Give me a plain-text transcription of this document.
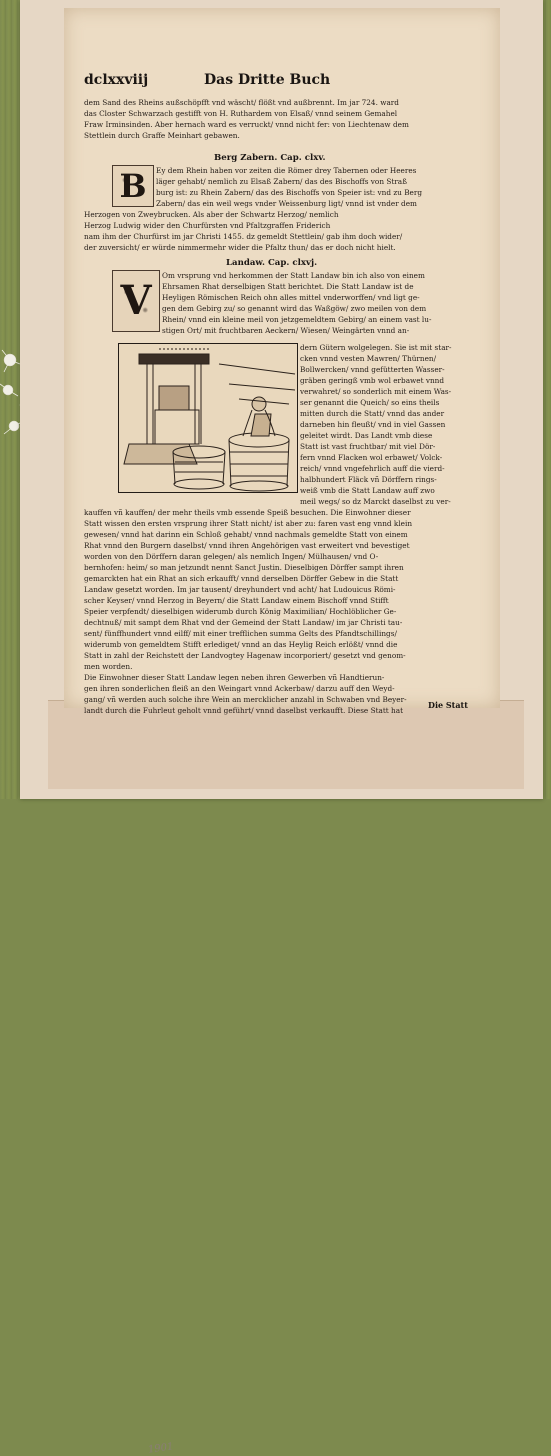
1901
dclxxviij	Das Dritte Buch
dem Sand des Rheins außschöpfft vnd wäscht/ flößt vnd außbrennt. Im jar 724. ward
das Closter Schwarzach gestifft von H. Ruthardem von Elsaß/ vnnd seinem Gemahel
Fraw Irminsinden. Aber hernach ward es verruckt/ vnnd nicht fer: von Liechtenaw dem
Stettlein durch Graffe Meinhart gebawen.
Berg Zabern. Cap. clxv.
B	Ey dem Rhein haben vor zeiten die Römer drey Tabernen oder Heeres
läger gehabt/ nemlich zu Elsaß Zabern/ das des Bischoffs von Straß
burg ist: zu Rhein Zabern/ das des Bischoffs von Speier ist: vnd zu Berg
Zabern/ das ein weil wegs vnder Weissenburg ligt/ vnnd ist vnder dem
Herzogen von Zweybrucken. Als aber der Schwartz Herzog/ nemlich
Herzog Ludwig wider den Churfürsten vnd Pfaltzgraffen Friderich
nam ihm der Churfürst im jar Christi 1455. dz gemeldt Stettlein/ gab ihm doch wider/
der zuversicht/ er würde nimmermehr wider die Pfaltz thun/ das er doch nicht hielt.
Landaw. Cap. clxvj.
V
Om vrsprung vnd herkommen der Statt Landaw bin ich also von einem
Ehrsamen Rhat derselbigen Statt berichtet. Die Statt Landaw ist de
Heyligen Römischen Reich ohn alles mittel vnderworffen/ vnd ligt ge-
gen dem Gebirg zu/ so genannt wird das Waßgöw/ zwo meilen von dem
Rhein/ vnnd ein kleine meil von jetzgemeldtem Gebirg/ an einem vast lu-
stigen Ort/ mit fruchtbaren Aeckern/ Wiesen/ Weingärten vnnd an-
dern Gütern wolgelegen. Sie ist mit star-
cken vnnd vesten Mawren/ Thürnen/
Bollwercken/ vnnd gefütterten Wasser-
gräben geringß vmb wol erbawet vnnd
verwahret/ so sonderlich mit einem Was-
ser genannt die Queich/ so eins theils
mitten durch die Statt/ vnnd das ander
darneben hin fleußt/ vnd in viel Gassen
geleitet wirdt. Das Landt vmb diese
Statt ist vast fruchtbar/ mit viel Dör-
fern vnnd Flacken wol erbawet/ Volck-
reich/ vnnd vngefehrlich auff die vierd-
halbhundert Fläck vñ Dörffern rings-
weiß vmb die Statt Landaw auff zwo
meil wegs/ so dz Marckt daselbst zu ver-
kauffen vñ kauffen/ der mehr theils vmb essende Speiß besuchen. Die Einwohner dieser
Statt wissen den ersten vrsprung ihrer Statt nicht/ ist aber zu: faren vast eng vnnd klein
gewesen/ vnnd hat darinn ein Schloß gehabt/ vnnd nachmals gemeldte Statt von einem
Rhat vnnd den Burgern daselbst/ vnnd ihren Angehörigen vast erweitert vnd bevestiget
worden von den Dörffern daran gelegen/ als nemlich Ingen/ Mülhausen/ vnd O-
bernhofen: heim/ so man jetzundt nennt Sanct Justin. Dieselbigen Dörffer sampt ihren
gemarckten hat ein Rhat an sich erkaufft/ vnnd derselben Dörffer Gebew in die Statt
Landaw gesetzt worden. Im jar tausent/ dreyhundert vnd acht/ hat Ludouicus Römi-
scher Keyser/ vnnd Herzog in Beyern/ die Statt Landaw einem Bischoff vnnd Stifft
Speier verpfendt/ dieselbigen widerumb durch König Maximilian/ Hochlöblicher Ge-
dechtnuß/ mit sampt dem Rhat vnd der Gemeind der Statt Landaw/ im jar Christi tau-
sent/ fünffhundert vnnd eilff/ mit einer trefflichen summa Gelts des Pfandtschillings/
widerumb von gemeldtem Stifft erlediget/ vnnd an das Heylig Reich erlößt/ vnnd die
Statt in zahl der Reichstett der Landvogtey Hagenaw incorporiert/ gesetzt vnd genom-
men worden.
Die Einwohner dieser Statt Landaw legen neben ihren Gewerben vñ Handtierun-
gen ihren sonderlichen fleiß an den Weingart vnnd Ackerbaw/ darzu auff den Weyd-
gang/ vñ werden auch solche ihre Wein an mercklicher anzahl in Schwaben vnd Beyer-
landt durch die Fuhrleut geholt vnnd geführt/ vnnd daselbst verkaufft. Diese Statt hat
Die Statt
